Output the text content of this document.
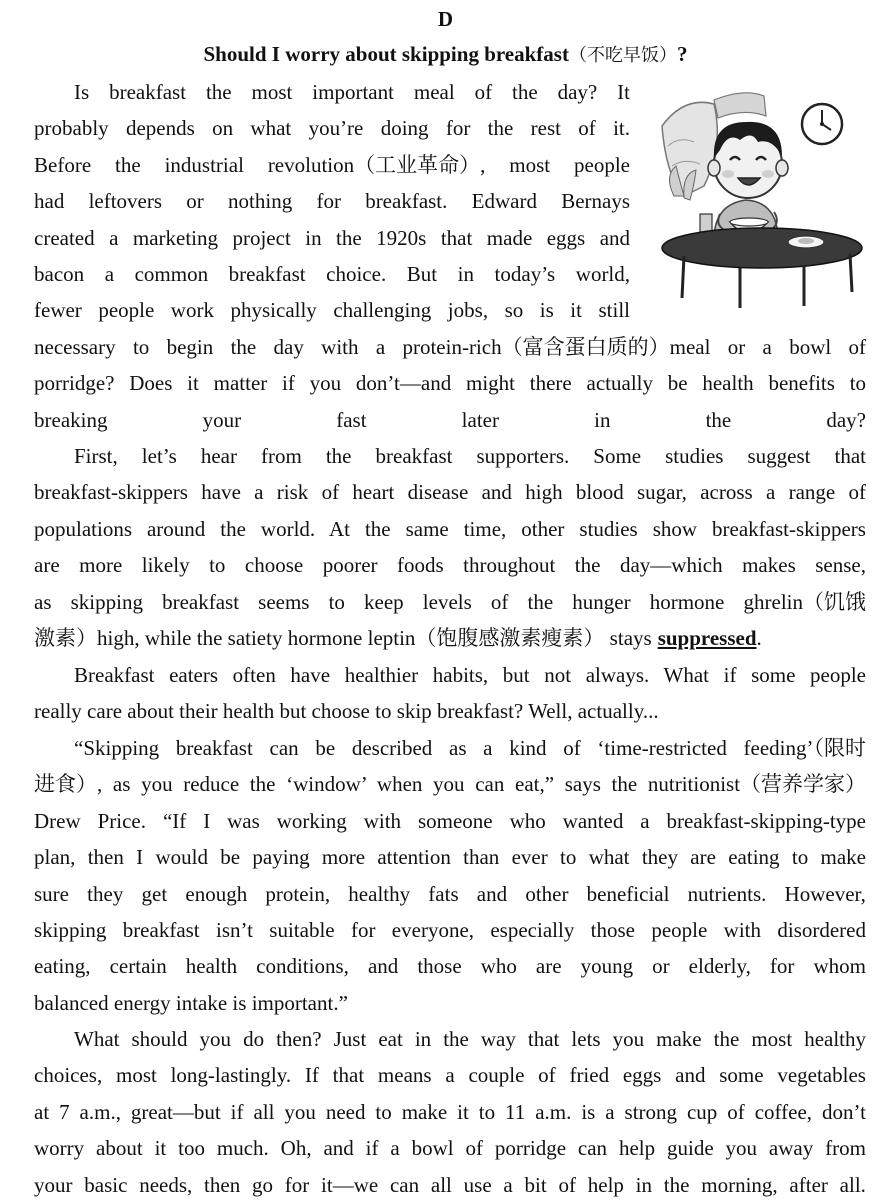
D
Should I worry about skipping breakfast（不吃早饭）?
Is breakfast the most important meal of the day? It
probably depends on what you’re doing for the rest of it.
Before the industrial revolution（工业革命）, most people
had leftovers or nothing for breakfast. Edward Bernays
created a marketing project in the 1920s that made eggs and
bacon a common breakfast choice. But in today’s world,
fewer people work physically challenging jobs, so is it still
necessary to begin the day with a protein-rich（富含蛋白质的）meal or a bowl of
porridge? Does it matter if you don’t—and might there actually be health benefits to
breaking your fast later in the day?
First, let’s hear from the breakfast supporters. Some studies suggest that
breakfast-skippers have a risk of heart disease and high blood sugar, across a range of
populations around the world. At the same time, other studies show breakfast-skippers
are more likely to choose poorer foods throughout the day—which makes sense,
as skipping breakfast seems to keep levels of the hunger hormone ghrelin（饥饿
激素）high, while the satiety hormone leptin（饱腹感激素瘦素） stays suppressed .
Breakfast eaters often have healthier habits, but not always. What if some people
really care about their health but choose to skip breakfast? Well, actually...
“Skipping breakfast can be described as a kind of ‘time-restricted feeding’（限时
进食）, as you reduce the ‘window’ when you can eat,” says the nutritionist（营养学家）
Drew Price. “If I was working with someone who wanted a breakfast-skipping-type
plan, then I would be paying more attention than ever to what they are eating to make
sure they get enough protein, healthy fats and other beneficial nutrients. However,
skipping breakfast isn’t suitable for everyone, especially those people with disordered
eating, certain health conditions, and those who are young or elderly, for whom
balanced energy intake is important.”
What should you do then? Just eat in the way that lets you make the most healthy
choices, most long-lastingly. If that means a couple of fried eggs and some vegetables
at 7 a.m., great—but if all you need to make it to 11 a.m. is a strong cup of coffee, don’t
worry about it too much. Oh, and if a bowl of porridge can help guide you away from
your basic needs, then go for it—we can all use a bit of help in the morning, after all.
